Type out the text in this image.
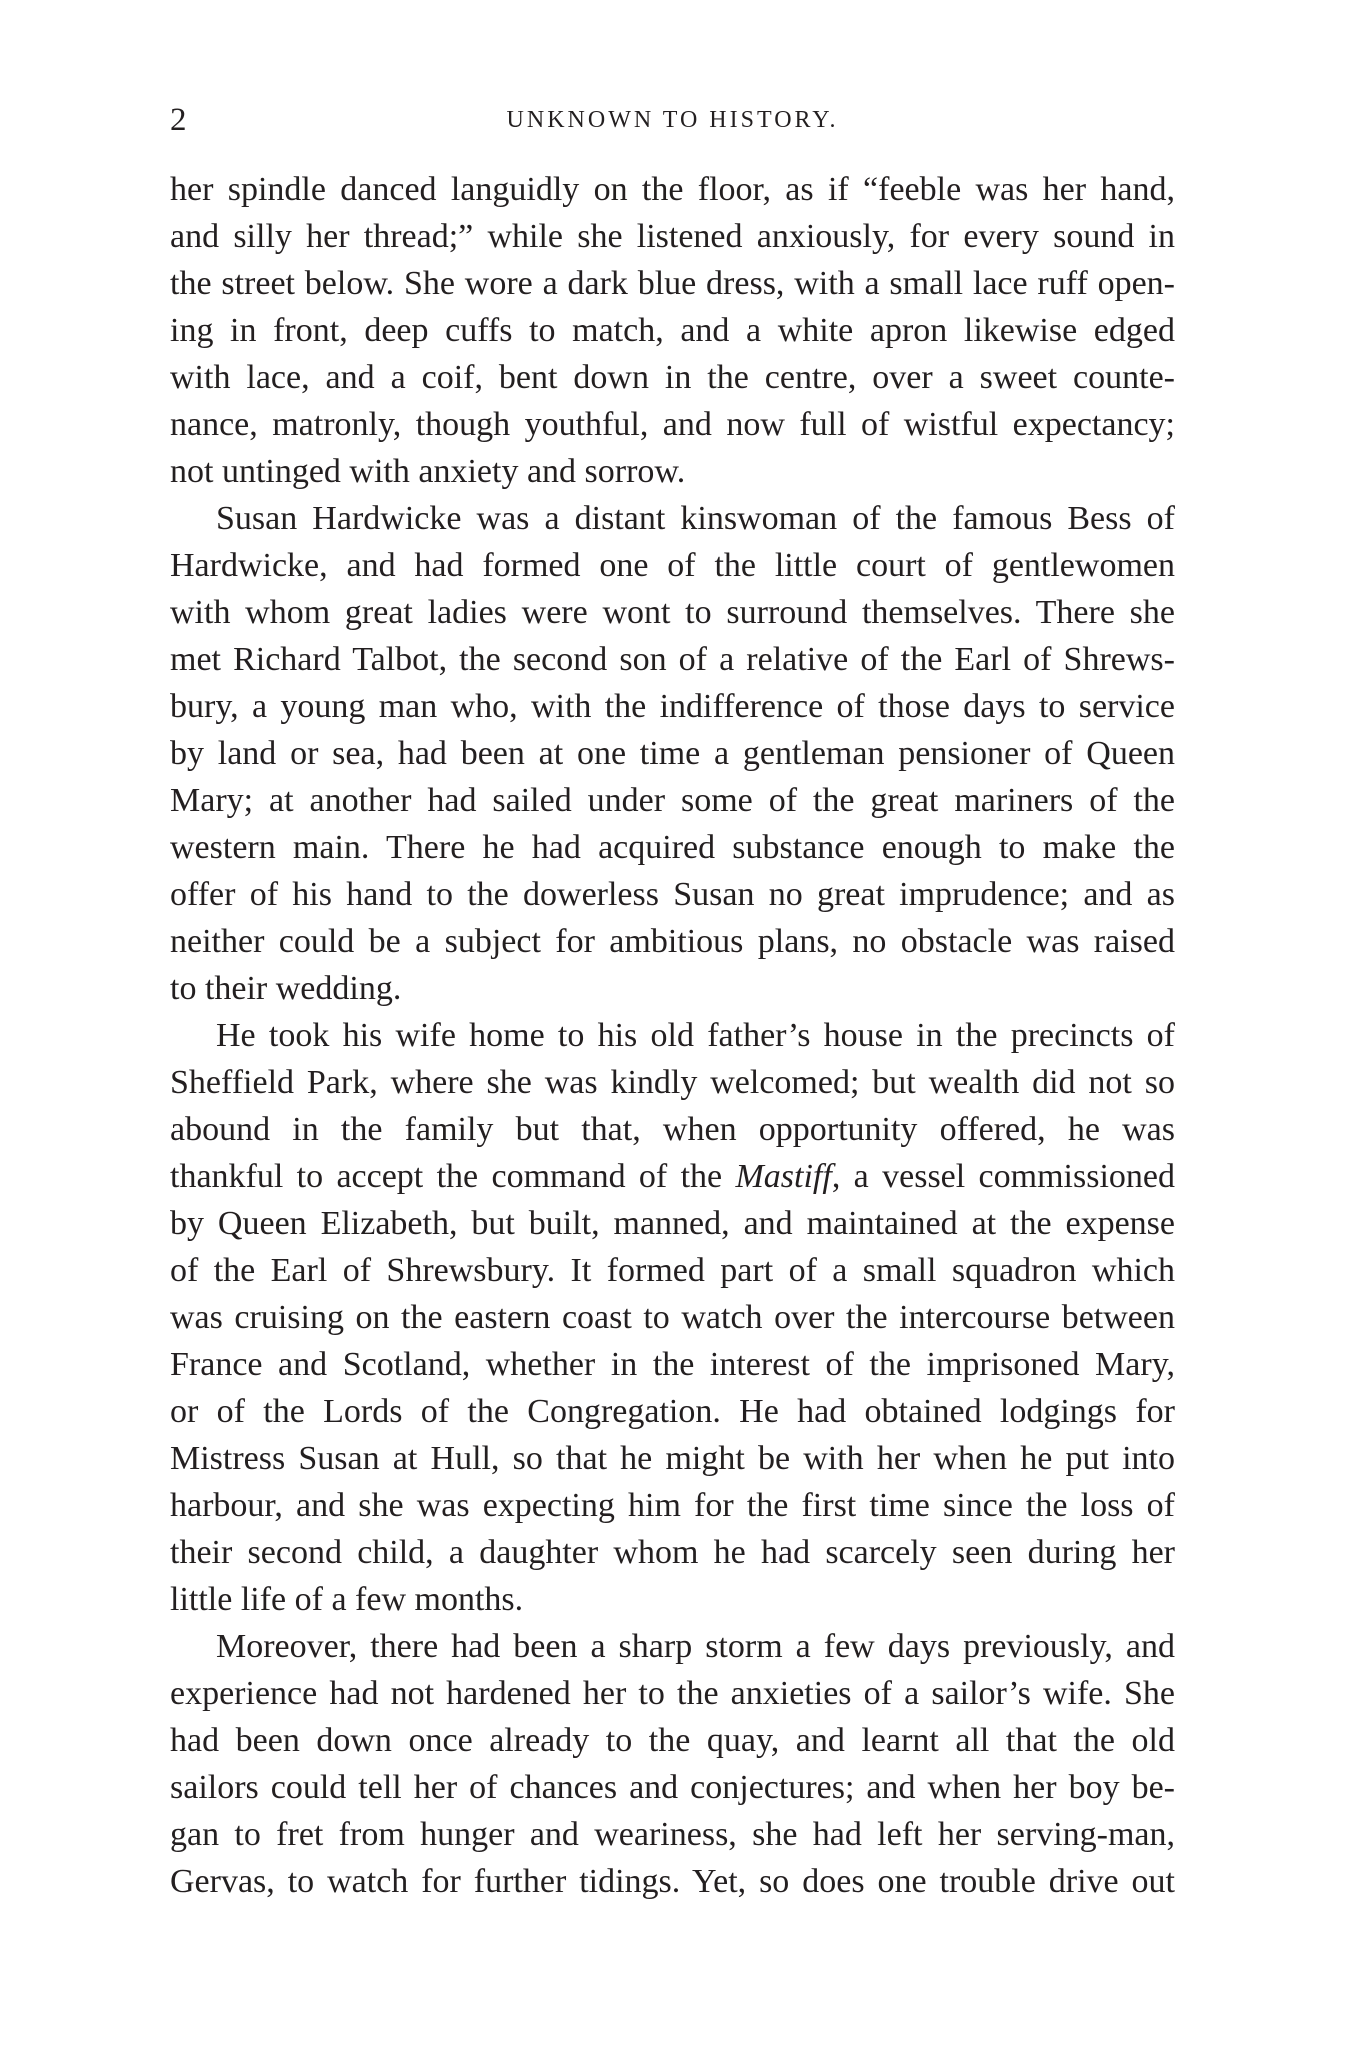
2	UNKNOWN TO HISTORY.
her spindle danced languidly on the floor, as if “feeble was her hand,
and silly her thread;” while she listened anxiously, for every sound in
the street below. She wore a dark blue dress, with a small lace ruff open-
ing in front, deep cuffs to match, and a white apron likewise edged
with lace, and a coif, bent down in the centre, over a sweet counte-
nance, matronly, though youthful, and now full of wistful expectancy;
not untinged with anxiety and sorrow.
Susan Hardwicke was a distant kinswoman of the famous Bess of
Hardwicke, and had formed one of the little court of gentlewomen
with whom great ladies were wont to surround themselves. There she
met Richard Talbot, the second son of a relative of the Earl of Shrews-
bury, a young man who, with the indifference of those days to service
by land or sea, had been at one time a gentleman pensioner of Queen
Mary; at another had sailed under some of the great mariners of the
western main. There he had acquired substance enough to make the
offer of his hand to the dowerless Susan no great imprudence; and as
neither could be a subject for ambitious plans, no obstacle was raised
to their wedding.
He took his wife home to his old father’s house in the precincts of
Sheffield Park, where she was kindly welcomed; but wealth did not so
abound in the family but that, when opportunity offered, he was
thankful to accept the command of the Mastiff, a vessel commissioned
by Queen Elizabeth, but built, manned, and maintained at the expense
of the Earl of Shrewsbury. It formed part of a small squadron which
was cruising on the eastern coast to watch over the intercourse between
France and Scotland, whether in the interest of the imprisoned Mary,
or of the Lords of the Congregation. He had obtained lodgings for
Mistress Susan at Hull, so that he might be with her when he put into
harbour, and she was expecting him for the first time since the loss of
their second child, a daughter whom he had scarcely seen during her
little life of a few months.
Moreover, there had been a sharp storm a few days previously, and
experience had not hardened her to the anxieties of a sailor’s wife. She
had been down once already to the quay, and learnt all that the old
sailors could tell her of chances and conjectures; and when her boy be-
gan to fret from hunger and weariness, she had left her serving-man,
Gervas, to watch for further tidings. Yet, so does one trouble drive out
